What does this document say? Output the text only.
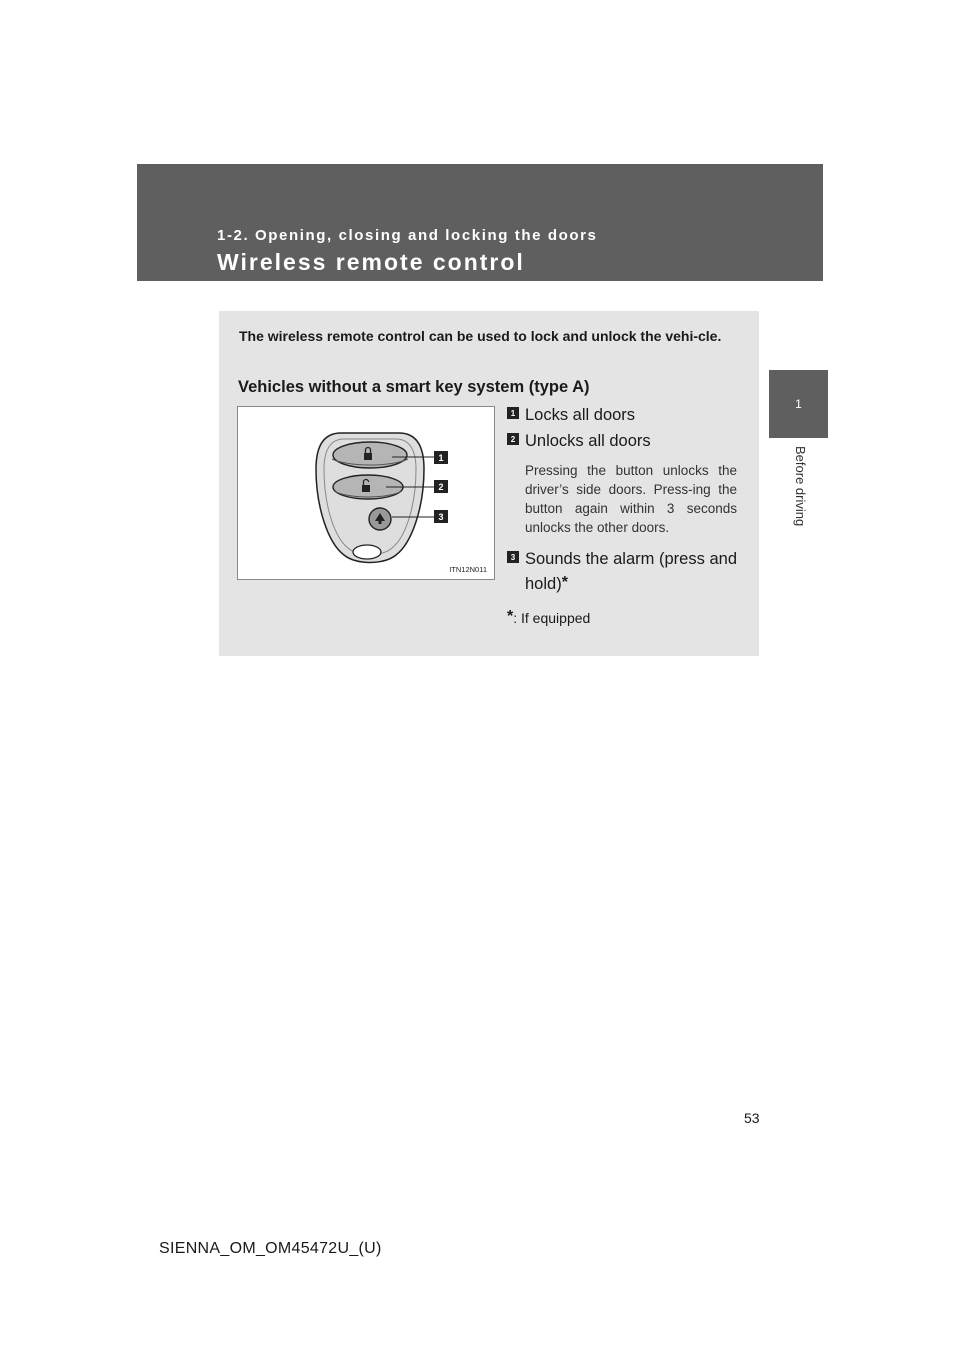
1-2. Opening, closing and locking the doors
Wireless remote control
1
Before driving
The wireless remote control can be used to lock and unlock the vehi-cle.
Vehicles without a smart key system (type A)
1
2
3
ITN12N011
1 Locks all doors
2 Unlocks all doors
Pressing the button unlocks the driver’s side doors. Press-ing the button again within 3 seconds unlocks the other doors.
3 Sounds the alarm (press and hold)*
*: If equipped
53
SIENNA_OM_OM45472U_(U)
